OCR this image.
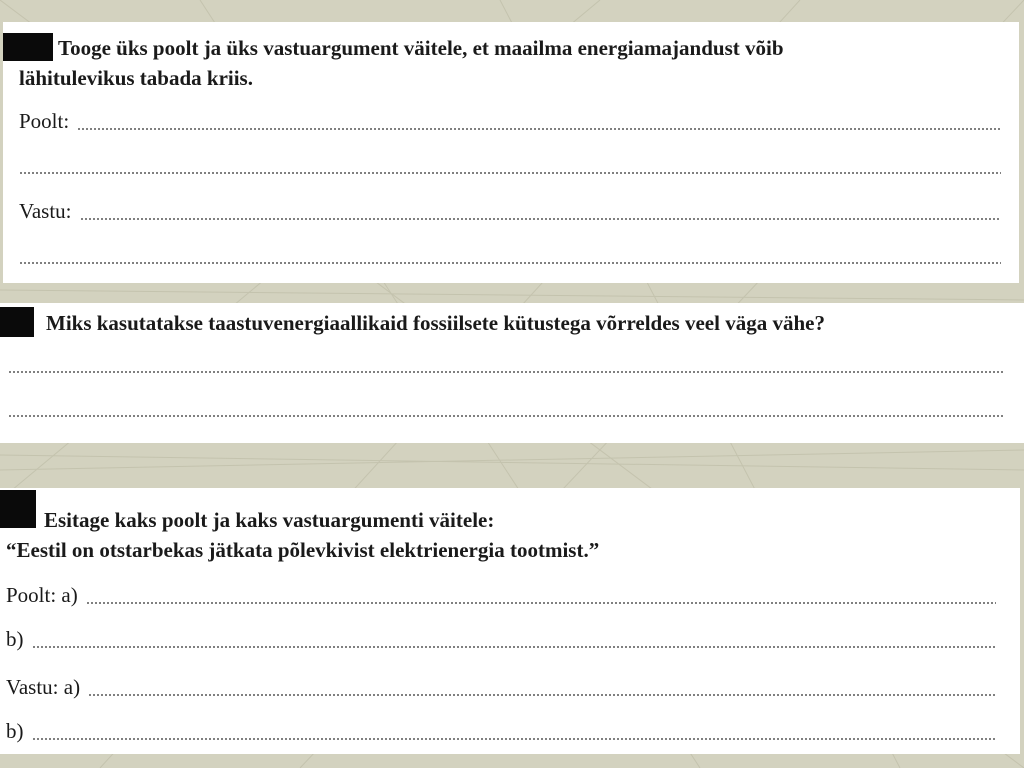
Tooge üks poolt ja üks vastuargument väitele, et maailma energiamajandust võib

lähitulevikus tabada kriis.

Poolt:
Vastu:

Miks kasutatakse taastuvenergiaallikaid fossiilsete kütustega võrreldes veel väga vähe?

Esitage kaks poolt ja kaks vastuargumenti väitele:

“Eestil on otstarbekas jätkata põlevkivist elektrienergia tootmist.”

Poolt: a)
b)
Vastu: a)
b)
